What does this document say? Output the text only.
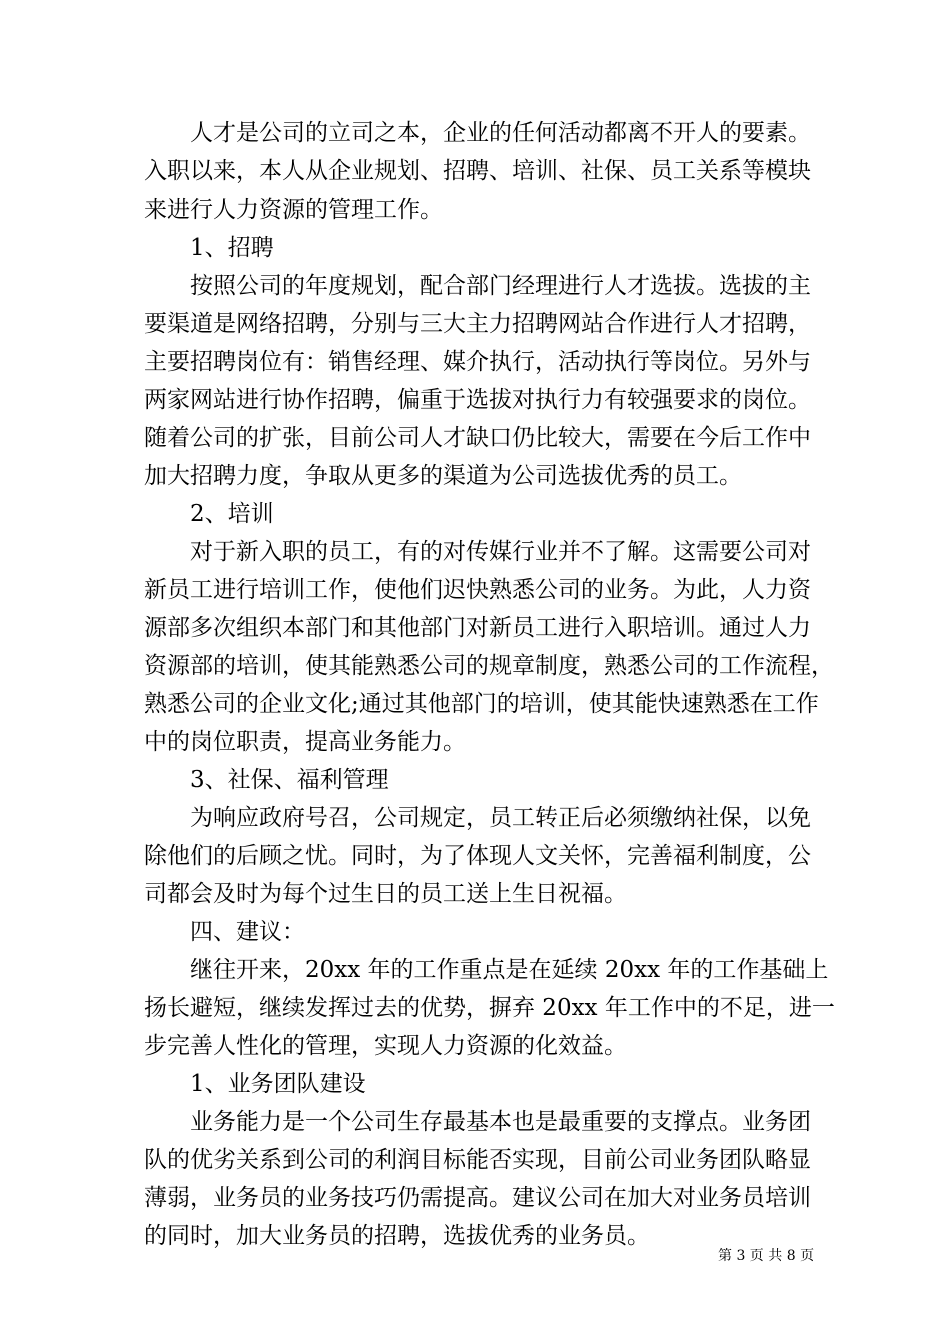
　　人才是公司的立司之本，企业的任何活动都离不开人的要素。

入职以来，本人从企业规划、招聘、培训、社保、员工关系等模块

来进行人力资源的管理工作。

　　1、招聘

　　按照公司的年度规划，配合部门经理进行人才选拔。选拔的主

要渠道是网络招聘，分别与三大主力招聘网站合作进行人才招聘，

主要招聘岗位有：销售经理、媒介执行，活动执行等岗位。另外与

两家网站进行协作招聘，偏重于选拔对执行力有较强要求的岗位。

随着公司的扩张，目前公司人才缺口仍比较大，需要在今后工作中

加大招聘力度，争取从更多的渠道为公司选拔优秀的员工。

　　2、培训

　　对于新入职的员工，有的对传媒行业并不了解。这需要公司对

新员工进行培训工作，使他们迟快熟悉公司的业务。为此，人力资

源部多次组织本部门和其他部门对新员工进行入职培训。通过人力

资源部的培训，使其能熟悉公司的规章制度，熟悉公司的工作流程，

熟悉公司的企业文化;通过其他部门的培训，使其能快速熟悉在工作

中的岗位职责，提高业务能力。

　　3、社保、福利管理

　　为响应政府号召，公司规定，员工转正后必须缴纳社保，以免

除他们的后顾之忧。同时，为了体现人文关怀，完善福利制度，公

司都会及时为每个过生日的员工送上生日祝福。

　　四、建议：

　　继往开来，20xx 年的工作重点是在延续 20xx 年的工作基础上

扬长避短，继续发挥过去的优势，摒弃 20xx 年工作中的不足，进一

步完善人性化的管理，实现人力资源的化效益。

　　1、业务团队建设

　　业务能力是一个公司生存最基本也是最重要的支撑点。业务团

队的优劣关系到公司的利润目标能否实现，目前公司业务团队略显

薄弱，业务员的业务技巧仍需提高。建议公司在加大对业务员培训

的同时，加大业务员的招聘，选拔优秀的业务员。

第 3 页 共 8 页
